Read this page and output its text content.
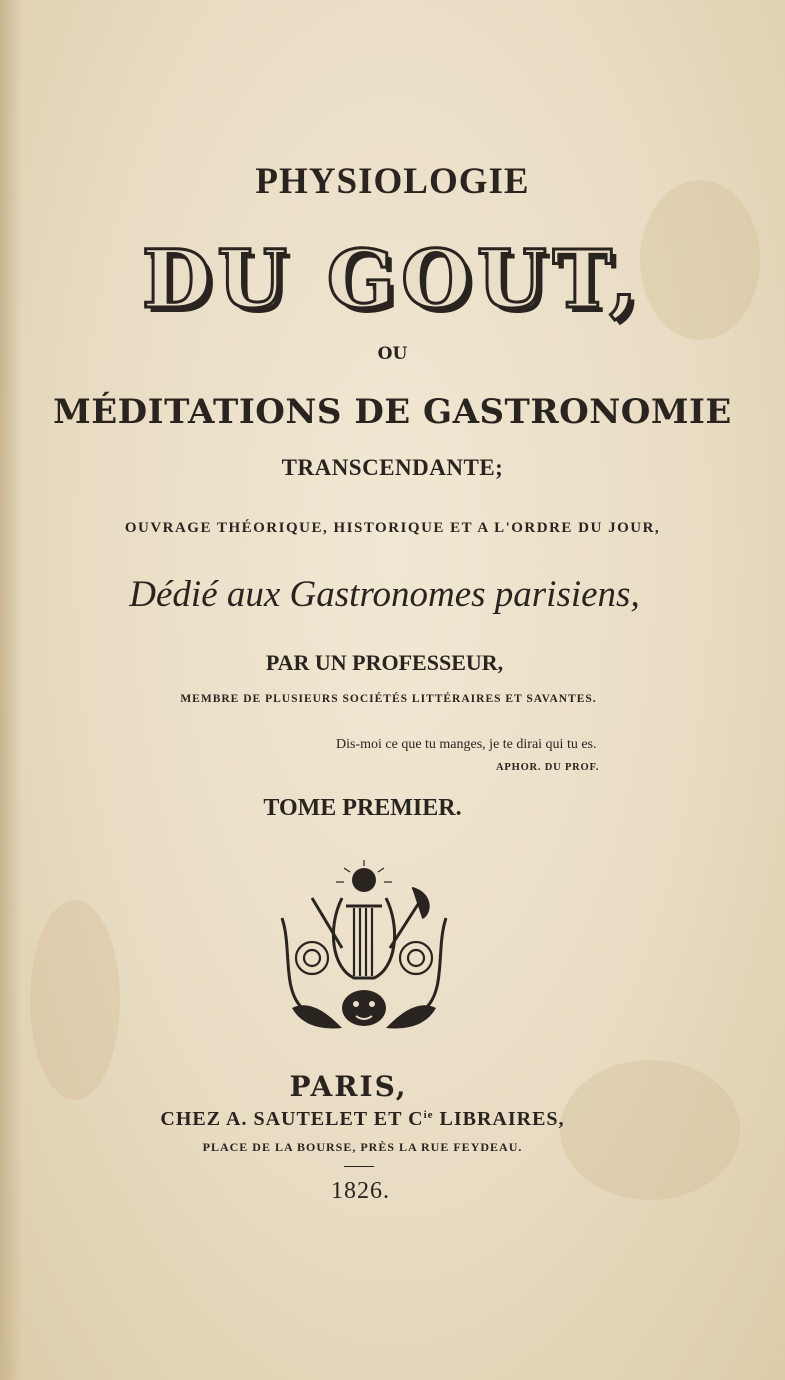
PHYSIOLOGIE
DU GOUT,
OU
MÉDITATIONS DE GASTRONOMIE
TRANSCENDANTE;
OUVRAGE THÉORIQUE, HISTORIQUE ET A L'ORDRE DU JOUR,
Dédié aux Gastronomes parisiens,
PAR UN PROFESSEUR,
MEMBRE DE PLUSIEURS SOCIÉTÉS LITTÉRAIRES ET SAVANTES.
Dis-moi ce que tu manges, je te dirai qui tu es.
APHOR. DU PROF.
TOME PREMIER.
PARIS,
CHEZ A. SAUTELET ET $C^{ie}$ LIBRAIRES,
PLACE DE LA BOURSE, PRÈS LA RUE FEYDEAU.
1826.
